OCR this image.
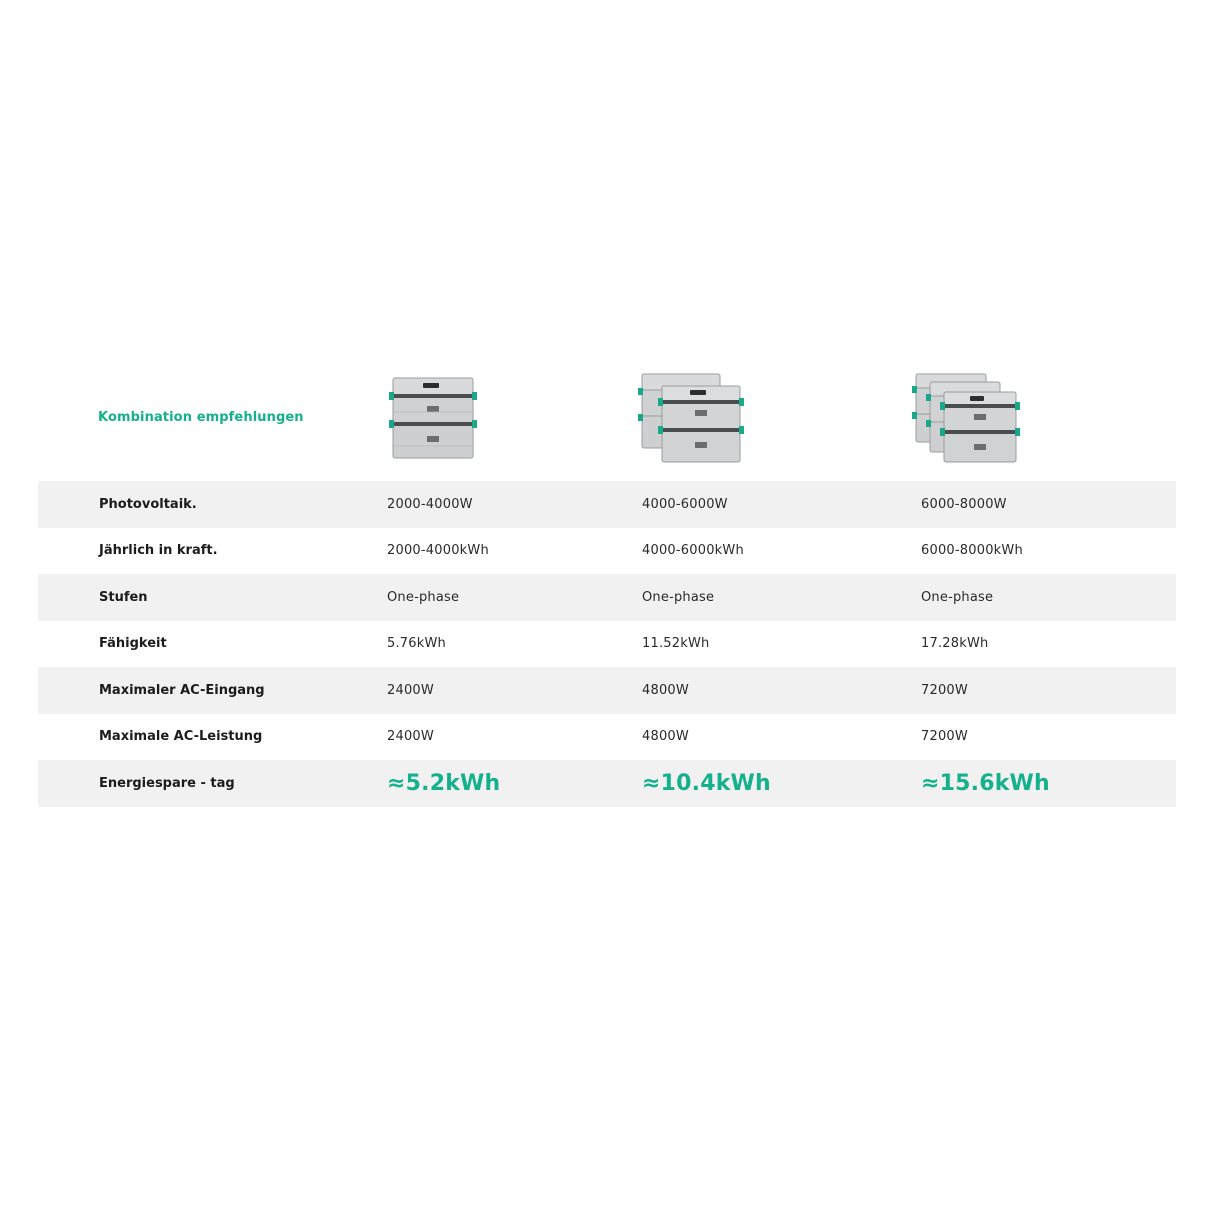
Kombination empfehlungen
Photovoltaik.	2000-4000W	4000-6000W	6000-8000W
Jährlich in kraft.	2000-4000kWh	4000-6000kWh	6000-8000kWh
Stufen	One-phase	One-phase	One-phase
Fähigkeit	5.76kWh	11.52kWh	17.28kWh
Maximaler AC-Eingang	2400W	4800W	7200W
Maximale AC-Leistung	2400W	4800W	7200W
Energiespare - tag	≈5.2kWh	≈10.4kWh	≈15.6kWh
